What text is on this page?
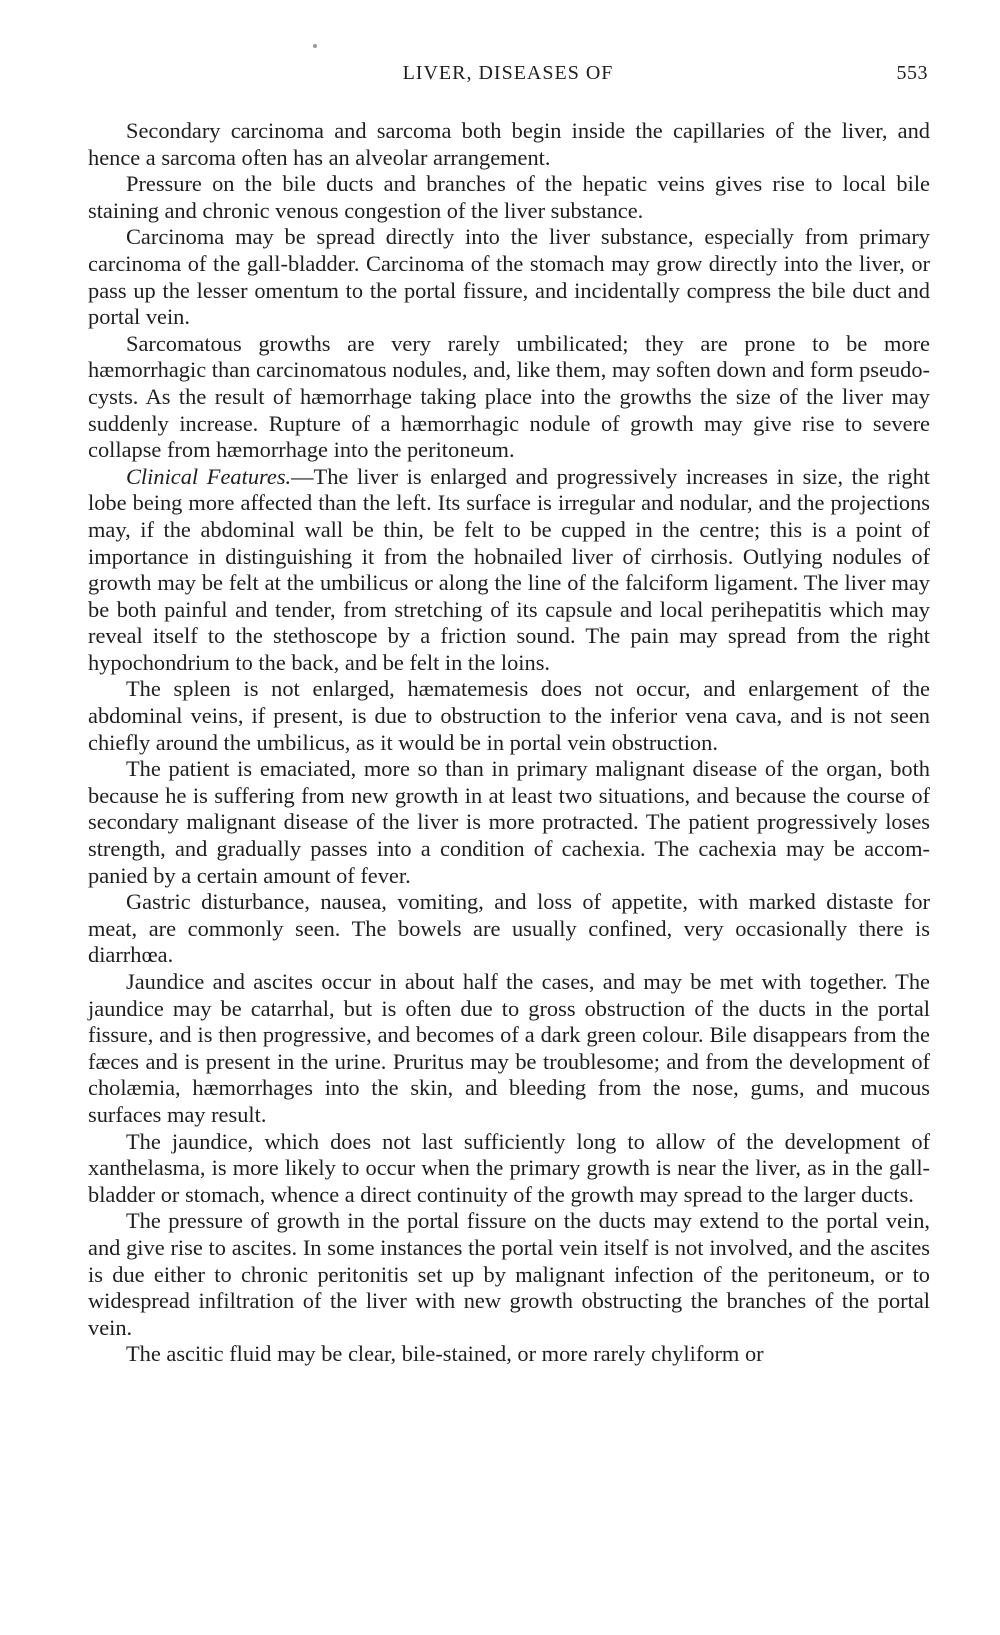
LIVER, DISEASES OF	553

Secondary carcinoma and sarcoma both begin inside the capillaries of the liver, and hence a sarcoma often has an alveolar arrangement.

Pressure on the bile ducts and branches of the hepatic veins gives rise to local bile staining and chronic venous congestion of the liver substance.

Carcinoma may be spread directly into the liver substance, especially from primary carcinoma of the gall-bladder. Carcinoma of the stomach may grow directly into the liver, or pass up the lesser omentum to the portal fissure, and incidentally compress the bile duct and portal vein.

Sarcomatous growths are very rarely umbilicated; they are prone to be more hæmorrhagic than carcinomatous nodules, and, like them, may soften down and form pseudo-cysts. As the result of hæmorrhage taking place into the growths the size of the liver may suddenly increase. Rupture of a hæmorrhagic nodule of growth may give rise to severe collapse from hæmorrhage into the peritoneum.

Clinical Features.—The liver is enlarged and progressively increases in size, the right lobe being more affected than the left. Its surface is irregular and nodular, and the projections may, if the abdominal wall be thin, be felt to be cupped in the centre; this is a point of importance in distinguishing it from the hobnailed liver of cirrhosis. Outlying nodules of growth may be felt at the umbilicus or along the line of the falciform ligament. The liver may be both painful and tender, from stretching of its capsule and local perihepatitis which may reveal itself to the stethoscope by a friction sound. The pain may spread from the right hypochondrium to the back, and be felt in the loins.

The spleen is not enlarged, hæmatemesis does not occur, and enlargement of the abdominal veins, if present, is due to obstruction to the inferior vena cava, and is not seen chiefly around the umbilicus, as it would be in portal vein obstruction.

The patient is emaciated, more so than in primary malignant disease of the organ, both because he is suffering from new growth in at least two situations, and because the course of secondary malignant disease of the liver is more protracted. The patient progressively loses strength, and gradually passes into a condition of cachexia. The cachexia may be accompanied by a certain amount of fever.

Gastric disturbance, nausea, vomiting, and loss of appetite, with marked distaste for meat, are commonly seen. The bowels are usually confined, very occasionally there is diarrhœa.

Jaundice and ascites occur in about half the cases, and may be met with together. The jaundice may be catarrhal, but is often due to gross obstruction of the ducts in the portal fissure, and is then progressive, and becomes of a dark green colour. Bile disappears from the fæces and is present in the urine. Pruritus may be troublesome; and from the development of cholæmia, hæmorrhages into the skin, and bleeding from the nose, gums, and mucous surfaces may result.

The jaundice, which does not last sufficiently long to allow of the development of xanthelasma, is more likely to occur when the primary growth is near the liver, as in the gall-bladder or stomach, whence a direct continuity of the growth may spread to the larger ducts.

The pressure of growth in the portal fissure on the ducts may extend to the portal vein, and give rise to ascites. In some instances the portal vein itself is not involved, and the ascites is due either to chronic peritonitis set up by malignant infection of the peritoneum, or to widespread infiltration of the liver with new growth obstructing the branches of the portal vein.

The ascitic fluid may be clear, bile-stained, or more rarely chyliform or
